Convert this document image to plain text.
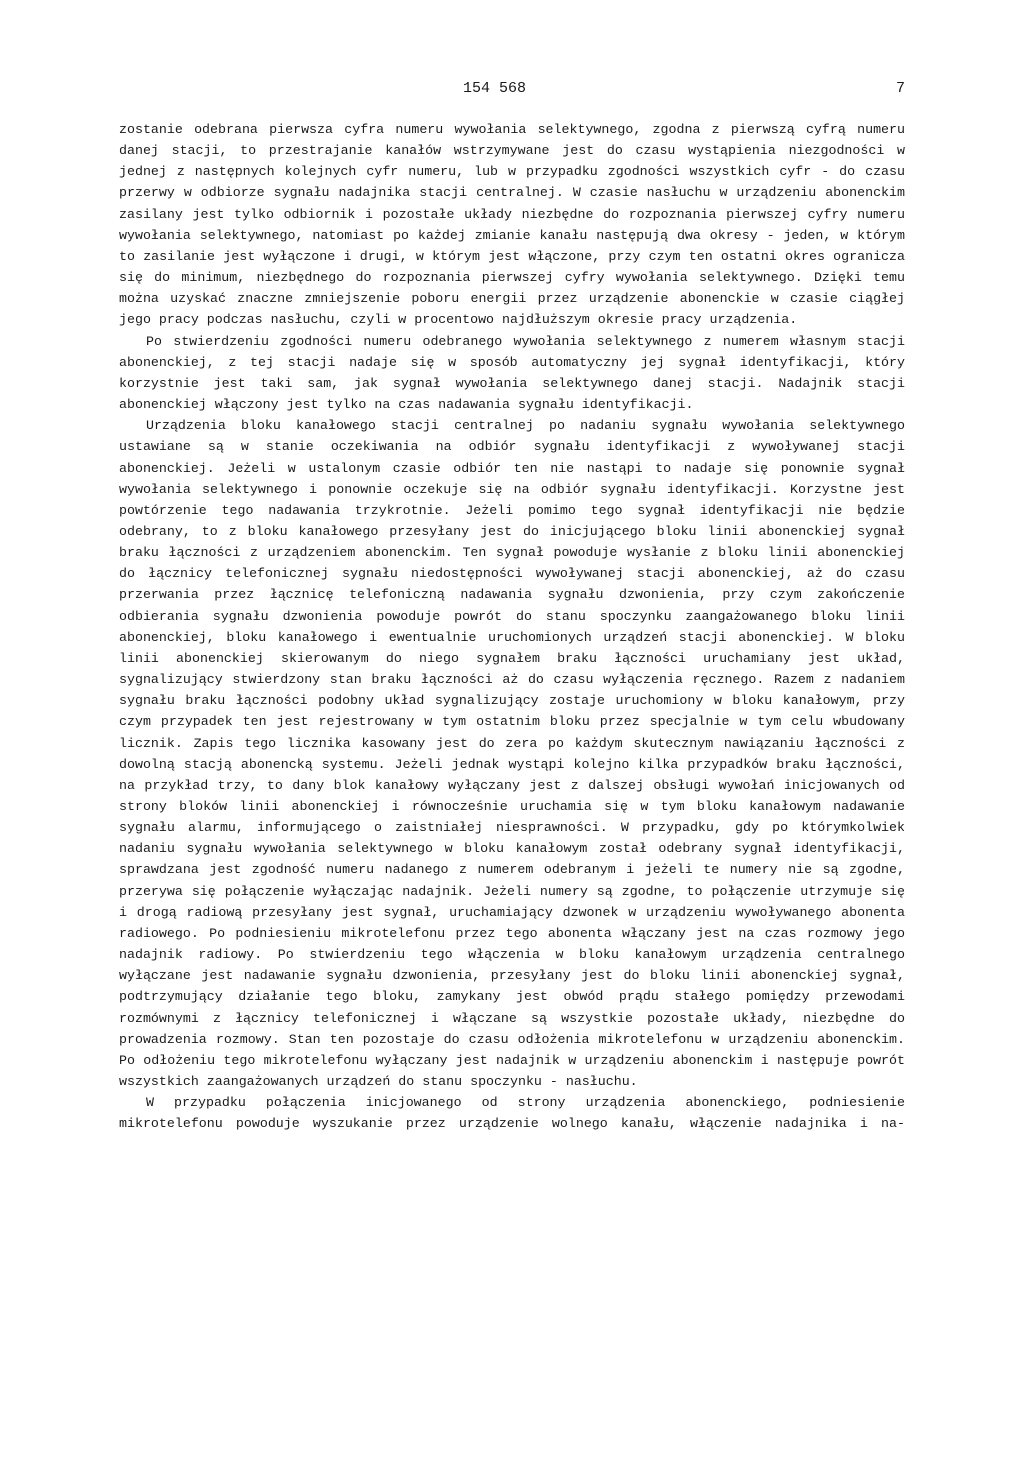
154 568	7

zostanie odebrana pierwsza cyfra numeru wywołania selektywnego, zgodna z pierwszą cyfrą numeru danej stacji, to przestrajanie kanałów wstrzymywane jest do czasu wystąpienia niezgodności w jednej z następnych kolejnych cyfr numeru, lub w przypadku zgodności wszystkich cyfr - do czasu przerwy w odbiorze sygnału nadajnika stacji centralnej. W czasie nasłuchu w urządzeniu abonenckim zasilany jest tylko odbiornik i pozostałe układy niezbędne do rozpoznania pierwszej cyfry numeru wywołania selektywnego, natomiast po każdej zmianie kanału następują dwa okresy - jeden, w którym to zasilanie jest wyłączone i drugi, w którym jest włączone, przy czym ten ostatni okres ogranicza się do minimum, niezbędnego do rozpoznania pierwszej cyfry wywołania selektywnego. Dzięki temu można uzyskać znaczne zmniejszenie poboru energii przez urządzenie abonenckie w czasie ciągłej jego pracy podczas nasłuchu, czyli w procentowo najdłuższym okresie pracy urządzenia.

Po stwierdzeniu zgodności numeru odebranego wywołania selektywnego z numerem własnym stacji abonenckiej, z tej stacji nadaje się w sposób automatyczny jej sygnał identyfikacji, który korzystnie jest taki sam, jak sygnał wywołania selektywnego danej stacji. Nadajnik stacji abonenckiej włączony jest tylko na czas nadawania sygnału identyfikacji.

Urządzenia bloku kanałowego stacji centralnej po nadaniu sygnału wywołania selektywnego ustawiane są w stanie oczekiwania na odbiór sygnału identyfikacji z wywoływanej stacji abonenckiej. Jeżeli w ustalonym czasie odbiór ten nie nastąpi to nadaje się ponownie sygnał wywołania selektywnego i ponownie oczekuje się na odbiór sygnału identyfikacji. Korzystne jest powtórzenie tego nadawania trzykrotnie. Jeżeli pomimo tego sygnał identyfikacji nie będzie odebrany, to z bloku kanałowego przesyłany jest do inicjującego bloku linii abonenckiej sygnał braku łączności z urządzeniem abonenckim. Ten sygnał powoduje wysłanie z bloku linii abonenckiej do łącznicy telefonicznej sygnału niedostępności wywoływanej stacji abonenckiej, aż do czasu przerwania przez łącznicę telefoniczną nadawania sygnału dzwonienia, przy czym zakończenie odbierania sygnału dzwonienia powoduje powrót do stanu spoczynku zaangażowanego bloku linii abonenckiej, bloku kanałowego i ewentualnie uruchomionych urządzeń stacji abonenckiej. W bloku linii abonenckiej skierowanym do niego sygnałem braku łączności uruchamiany jest układ, sygnalizujący stwierdzony stan braku łączności aż do czasu wyłączenia ręcznego. Razem z nadaniem sygnału braku łączności podobny układ sygnalizujący zostaje uruchomiony w bloku kanałowym, przy czym przypadek ten jest rejestrowany w tym ostatnim bloku przez specjalnie w tym celu wbudowany licznik. Zapis tego licznika kasowany jest do zera po każdym skutecznym nawiązaniu łączności z dowolną stacją abonencką systemu. Jeżeli jednak wystąpi kolejno kilka przypadków braku łączności, na przykład trzy, to dany blok kanałowy wyłączany jest z dalszej obsługi wywołań inicjowanych od strony bloków linii abonenckiej i równocześnie uruchamia się w tym bloku kanałowym nadawanie sygnału alarmu, informującego o zaistniałej niesprawności. W przypadku, gdy po którymkolwiek nadaniu sygnału wywołania selektywnego w bloku kanałowym został odebrany sygnał identyfikacji, sprawdzana jest zgodność numeru nadanego z numerem odebranym i jeżeli te numery nie są zgodne, przerywa się połączenie wyłączając nadajnik. Jeżeli numery są zgodne, to połączenie utrzymuje się i drogą radiową przesyłany jest sygnał, uruchamiający dzwonek w urządzeniu wywoływanego abonenta radiowego. Po podniesieniu mikrotelefonu przez tego abonenta włączany jest na czas rozmowy jego nadajnik radiowy. Po stwierdzeniu tego włączenia w bloku kanałowym urządzenia centralnego wyłączane jest nadawanie sygnału dzwonienia, przesyłany jest do bloku linii abonenckiej sygnał, podtrzymujący działanie tego bloku, zamykany jest obwód prądu stałego pomiędzy przewodami rozmównymi z łącznicy telefonicznej i włączane są wszystkie pozostałe układy, niezbędne do prowadzenia rozmowy. Stan ten pozostaje do czasu odłożenia mikrotelefonu w urządzeniu abonenckim. Po odłożeniu tego mikrotelefonu wyłączany jest nadajnik w urządzeniu abonenckim i następuje powrót wszystkich zaangażowanych urządzeń do stanu spoczynku - nasłuchu.

W przypadku połączenia inicjowanego od strony urządzenia abonenckiego, podniesienie mikrotelefonu powoduje wyszukanie przez urządzenie wolnego kanału, włączenie nadajnika i na-
